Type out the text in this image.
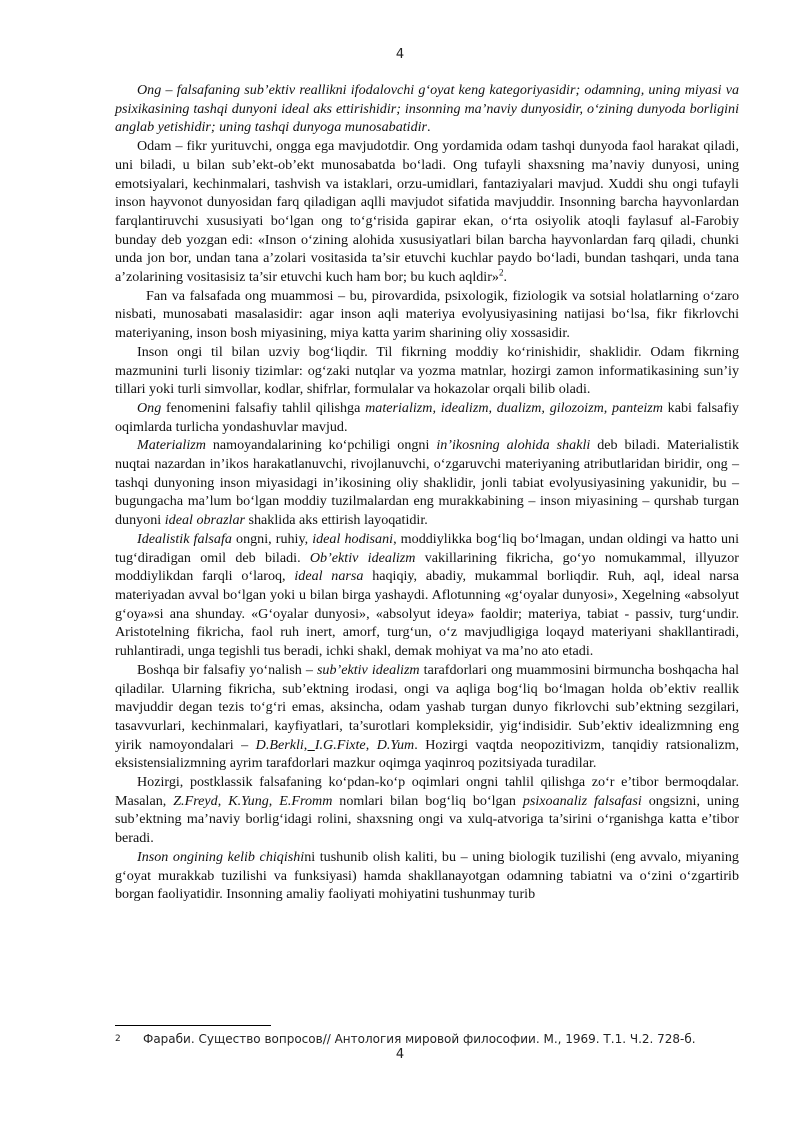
4

Ong – falsafaning sub’ektiv reallikni ifodalovchi g‘oyat keng kategoriyasidir; odamning, uning miyasi va psixikasining tashqi dunyoni ideal aks ettirishidir; insonning ma’naviy dunyosidir, o‘zining dunyoda borligini anglab yetishidir; uning tashqi dunyoga munosabatidir.

Odam – fikr yurituvchi, ongga ega mavjudotdir. Ong yordamida odam tashqi dunyoda faol harakat qiladi, uni biladi, u bilan sub’ekt-ob’ekt munosabatda bo‘ladi. Ong tufayli shaxsning ma’naviy dunyosi, uning emotsiyalari, kechinmalari, tashvish va istaklari, orzu-umidlari, fantaziyalari mavjud. Xuddi shu ongi tufayli inson hayvonot dunyosidan farq qiladigan aqlli mavjudot sifatida mavjuddir. Insonning barcha hayvonlardan farqlantiruvchi xususiyati bo‘lgan ong to‘g‘risida gapirar ekan, o‘rta osiyolik atoqli faylasuf al-Farobiy bunday deb yozgan edi: «Inson o‘zining alohida xususiyatlari bilan barcha hayvonlardan farq qiladi, chunki unda jon bor, undan tana a’zolari vositasida ta’sir etuvchi kuchlar paydo bo‘ladi, bundan tashqari, unda tana a’zolarining vositasisiz ta’sir etuvchi kuch ham bor; bu kuch aqldir»$^2$.

Fan va falsafada ong muammosi – bu, pirovardida, psixologik, fiziologik va sotsial holatlarning o‘zaro nisbati, munosabati masalasidir: agar inson aqli materiya evolyusiyasining natijasi bo‘lsa, fikr fikrlovchi materiyaning, inson bosh miyasining, miya katta yarim sharining oliy xossasidir.

Inson ongi til bilan uzviy bog‘liqdir. Til fikrning moddiy ko‘rinishidir, shaklidir. Odam fikrning mazmunini turli lisoniy tizimlar: og‘zaki nutqlar va yozma matnlar, hozirgi zamon informatikasining sun’iy tillari yoki turli simvollar, kodlar, shifrlar, formulalar va hokazolar orqali bilib oladi.

Ong fenomenini falsafiy tahlil qilishga materializm, idealizm, dualizm, gilozoizm, panteizm kabi falsafiy oqimlarda turlicha yondashuvlar mavjud.

Materializm namoyandalarining ko‘pchiligi ongni in’ikosning alohida shakli deb biladi. Materialistik nuqtai nazardan in’ikos harakatlanuvchi, rivojlanuvchi, o‘zgaruvchi materiyaning atributlaridan biridir, ong – tashqi dunyoning inson miyasidagi in’ikosining oliy shaklidir, jonli tabiat evolyusiyasining yakunidir, bu – bugungacha ma’lum bo‘lgan moddiy tuzilmalardan eng murakkabining – inson miyasining – qurshab turgan dunyoni ideal obrazlar shaklida aks ettirish layoqatidir.

Idealistik falsafa ongni, ruhiy, ideal hodisani, moddiylikka bog‘liq bo‘lmagan, undan oldingi va hatto uni tug‘diradigan omil deb biladi. Ob’ektiv idealizm vakillarining fikricha, go‘yo nomukammal, illyuzor moddiylikdan farqli o‘laroq, ideal narsa haqiqiy, abadiy, mukammal borliqdir. Ruh, aql, ideal narsa materiyadan avval bo‘lgan yoki u bilan birga yashaydi. Aflotunning «g‘oyalar dunyosi», Xegelning «absolyut g‘oya»si ana shunday. «G‘oyalar dunyosi», «absolyut ideya» faoldir; materiya, tabiat - passiv, turg‘undir. Aristotelning fikricha, faol ruh inert, amorf, turg‘un, o‘z mavjudligiga loqayd materiyani shakllantiradi, ruhlantiradi, unga tegishli tus beradi, ichki shakl, demak mohiyat va ma’no ato etadi.

Boshqa bir falsafiy yo‘nalish – sub’ektiv idealizm tarafdorlari ong muammosini birmuncha boshqacha hal qiladilar. Ularning fikricha, sub’ektning irodasi, ongi va aqliga bog‘liq bo‘lmagan holda ob’ektiv reallik mavjuddir degan tezis to‘g‘ri emas, aksincha, odam yashab turgan dunyo fikrlovchi sub’ektning sezgilari, tasavvurlari, kechinmalari, kayfiyatlari, ta’surotlari kompleksidir, yig‘indisidir. Sub’ektiv idealizmning eng yirik namoyondalari – D.Berkli, I.G.Fixte, D.Yum. Hozirgi vaqtda neopozitivizm, tanqidiy ratsionalizm, eksistensializmning ayrim tarafdorlari mazkur oqimga yaqinroq pozitsiyada turadilar.

Hozirgi, postklassik falsafaning ko‘pdan-ko‘p oqimlari ongni tahlil qilishga zo‘r e’tibor bermoqdalar. Masalan, Z.Freyd, K.Yung, E.Fromm nomlari bilan bog‘liq bo‘lgan psixoanaliz falsafasi ongsizni, uning sub’ektning ma’naviy borlig‘idagi rolini, shaxsning ongi va xulq-atvoriga ta’sirini o‘rganishga katta e’tibor beradi.

Inson ongining kelib chiqishini tushunib olish kaliti, bu – uning biologik tuzilishi (eng avvalo, miyaning g‘oyat murakkab tuzilishi va funksiyasi) hamda shakllanayotgan odamning tabiatni va o‘zini o‘zgartirib borgan faoliyatidir. Insonning amaliy faoliyati mohiyatini tushunmay turib

2 Фараби. Существо вопросов// Антология мировой философии. М., 1969. Т.1. Ч.2. 728-б.
4
